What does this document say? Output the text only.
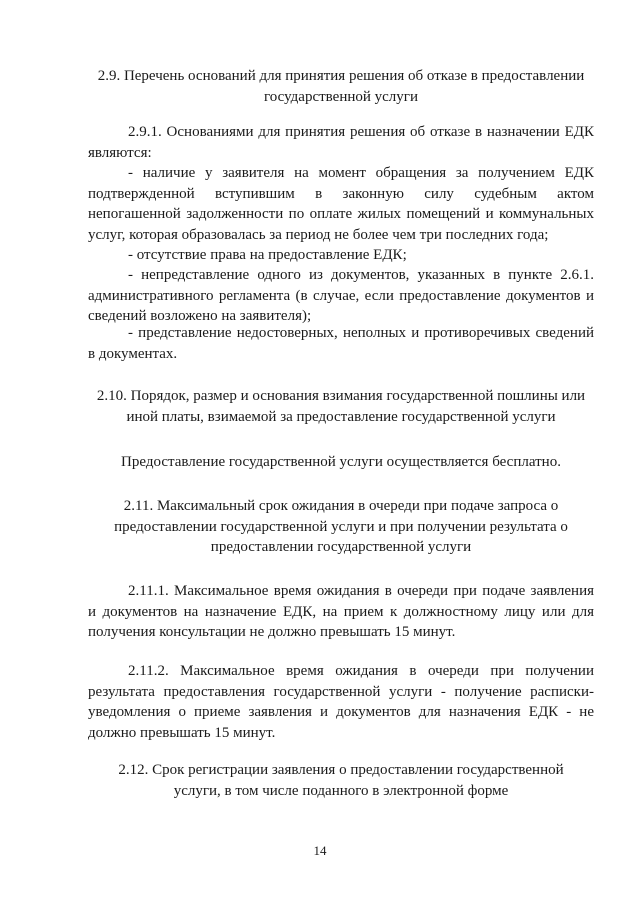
2.9. Перечень оснований для принятия решения об отказе в предоставлении
государственной услуги
2.9.1. Основаниями для принятия решения об отказе в назначении ЕДК
являются:
- наличие у заявителя на момент обращения за получением ЕДК
подтвержденной вступившим в законную силу судебным актом
непогашенной задолженности по оплате жилых помещений и коммунальных
услуг, которая образовалась за период не более чем три последних года;
- отсутствие права на предоставление ЕДК;
- непредставление одного из документов, указанных в пункте 2.6.1.
административного регламента (в случае, если предоставление документов и
сведений возложено на заявителя);
- представление недостоверных, неполных и противоречивых сведений
в документах.
2.10. Порядок, размер и основания взимания государственной пошлины или
иной платы, взимаемой за предоставление государственной услуги
Предоставление государственной услуги осуществляется бесплатно.
2.11. Максимальный срок ожидания в очереди при подаче запроса о
предоставлении государственной услуги и при получении результата о
предоставлении государственной услуги
2.11.1. Максимальное время ожидания в очереди при подаче заявления
и документов на назначение ЕДК, на прием к должностному лицу или для
получения консультации не должно превышать 15 минут.
2.11.2. Максимальное время ожидания в очереди при получении
результата предоставления государственной услуги - получение расписки-
уведомления о приеме заявления и документов для назначения ЕДК - не
должно превышать 15 минут.
2.12. Срок регистрации заявления о предоставлении государственной
услуги, в том числе поданного в электронной форме
14
